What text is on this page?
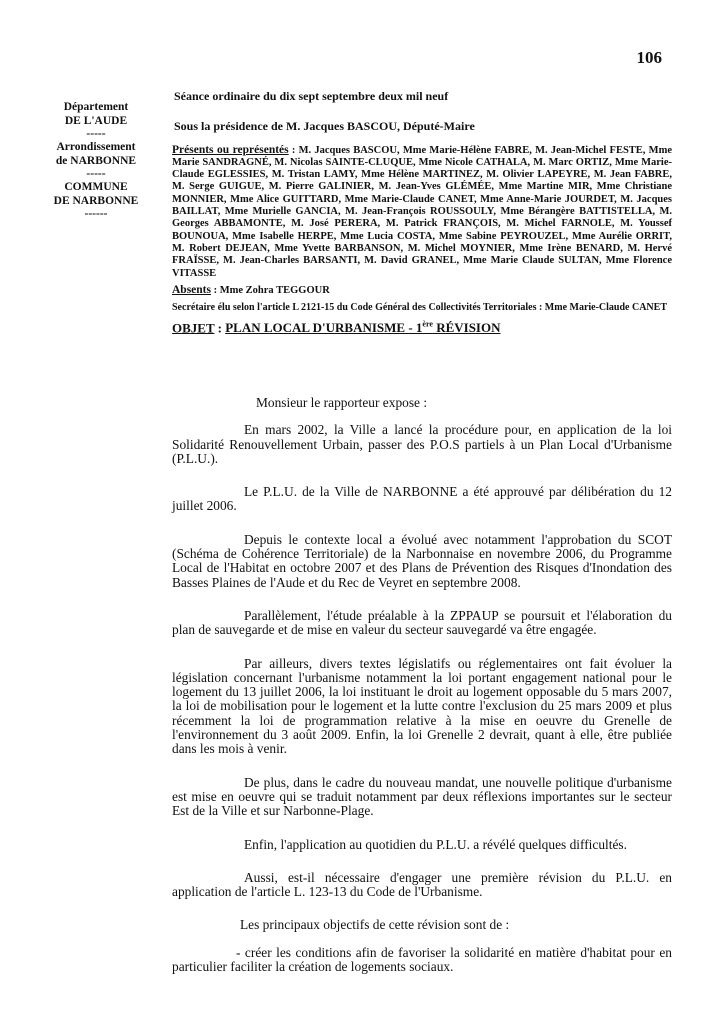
106
Département
DE L'AUDE
-----
Arrondissement
de NARBONNE
-----
COMMUNE
DE NARBONNE
------
Séance ordinaire du dix sept septembre deux mil neuf
Sous la présidence de M. Jacques BASCOU, Député-Maire
Présents ou représentés : M. Jacques BASCOU, Mme Marie-Hélène FABRE, M. Jean-Michel FESTE, Mme Marie SANDRAGNÉ, M. Nicolas SAINTE-CLUQUE, Mme Nicole CATHALA, M. Marc ORTIZ, Mme Marie-Claude EGLESSIES, M. Tristan LAMY, Mme Hélène MARTINEZ, M. Olivier LAPEYRE, M. Jean FABRE, M. Serge GUIGUE, M. Pierre GALINIER, M. Jean-Yves GLÉMÉE, Mme Martine MIR, Mme Christiane MONNIER, Mme Alice GUITTARD, Mme Marie-Claude CANET, Mme Anne-Marie JOURDET, M. Jacques BAILLAT, Mme Murielle GANCIA, M. Jean-François ROUSSOULY, Mme Bérangère BATTISTELLA, M. Georges ABBAMONTE, M. José PERERA, M. Patrick FRANÇOIS, M. Michel FARNOLE, M. Youssef BOUNOUA, Mme Isabelle HERPE, Mme Lucia COSTA, Mme Sabine PEYROUZEL, Mme Aurélie ORRIT, M. Robert DEJEAN, Mme Yvette BARBANSON, M. Michel MOYNIER, Mme Irène BENARD, M. Hervé FRAÏSSE, M. Jean-Charles BARSANTI, M. David GRANEL, Mme Marie Claude SULTAN, Mme Florence VITASSE
Absents : Mme Zohra TEGGOUR
Secrétaire élu selon l'article L 2121-15 du Code Général des Collectivités Territoriales : Mme Marie-Claude CANET
OBJET : PLAN LOCAL D'URBANISME - 1ère RÉVISION

Monsieur le rapporteur expose :

En mars 2002, la Ville a lancé la procédure pour, en application de la loi Solidarité Renouvellement Urbain, passer des P.O.S partiels à un Plan Local d'Urbanisme (P.L.U.).

Le P.L.U. de la Ville de NARBONNE a été approuvé par délibération du 12 juillet 2006.

Depuis le contexte local a évolué avec notamment l'approbation du SCOT (Schéma de Cohérence Territoriale) de la Narbonnaise en novembre 2006, du Programme Local de l'Habitat en octobre 2007 et des Plans de Prévention des Risques d'Inondation des Basses Plaines de l'Aude et du Rec de Veyret en septembre 2008.

Parallèlement, l'étude préalable à la ZPPAUP se poursuit et l'élaboration du plan de sauvegarde et de mise en valeur du secteur sauvegardé va être engagée.

Par ailleurs, divers textes législatifs ou réglementaires ont fait évoluer la législation concernant l'urbanisme notamment la loi portant engagement national pour le logement du 13 juillet 2006, la loi instituant le droit au logement opposable du 5 mars 2007, la loi de mobilisation pour le logement et la lutte contre l'exclusion du 25 mars 2009 et plus récemment la loi de programmation relative à la mise en oeuvre du Grenelle de l'environnement du 3 août 2009. Enfin, la loi Grenelle 2 devrait, quant à elle, être publiée dans les mois à venir.

De plus, dans le cadre du nouveau mandat, une nouvelle politique d'urbanisme est mise en oeuvre qui se traduit notamment par deux réflexions importantes sur le secteur Est de la Ville et sur Narbonne-Plage.

Enfin, l'application au quotidien du P.L.U. a révélé quelques difficultés.

Aussi, est-il nécessaire d'engager une première révision du P.L.U. en application de l'article L. 123-13 du Code de l'Urbanisme.

Les principaux objectifs de cette révision sont de :

- créer les conditions afin de favoriser la solidarité en matière d'habitat pour en particulier faciliter la création de logements sociaux.
